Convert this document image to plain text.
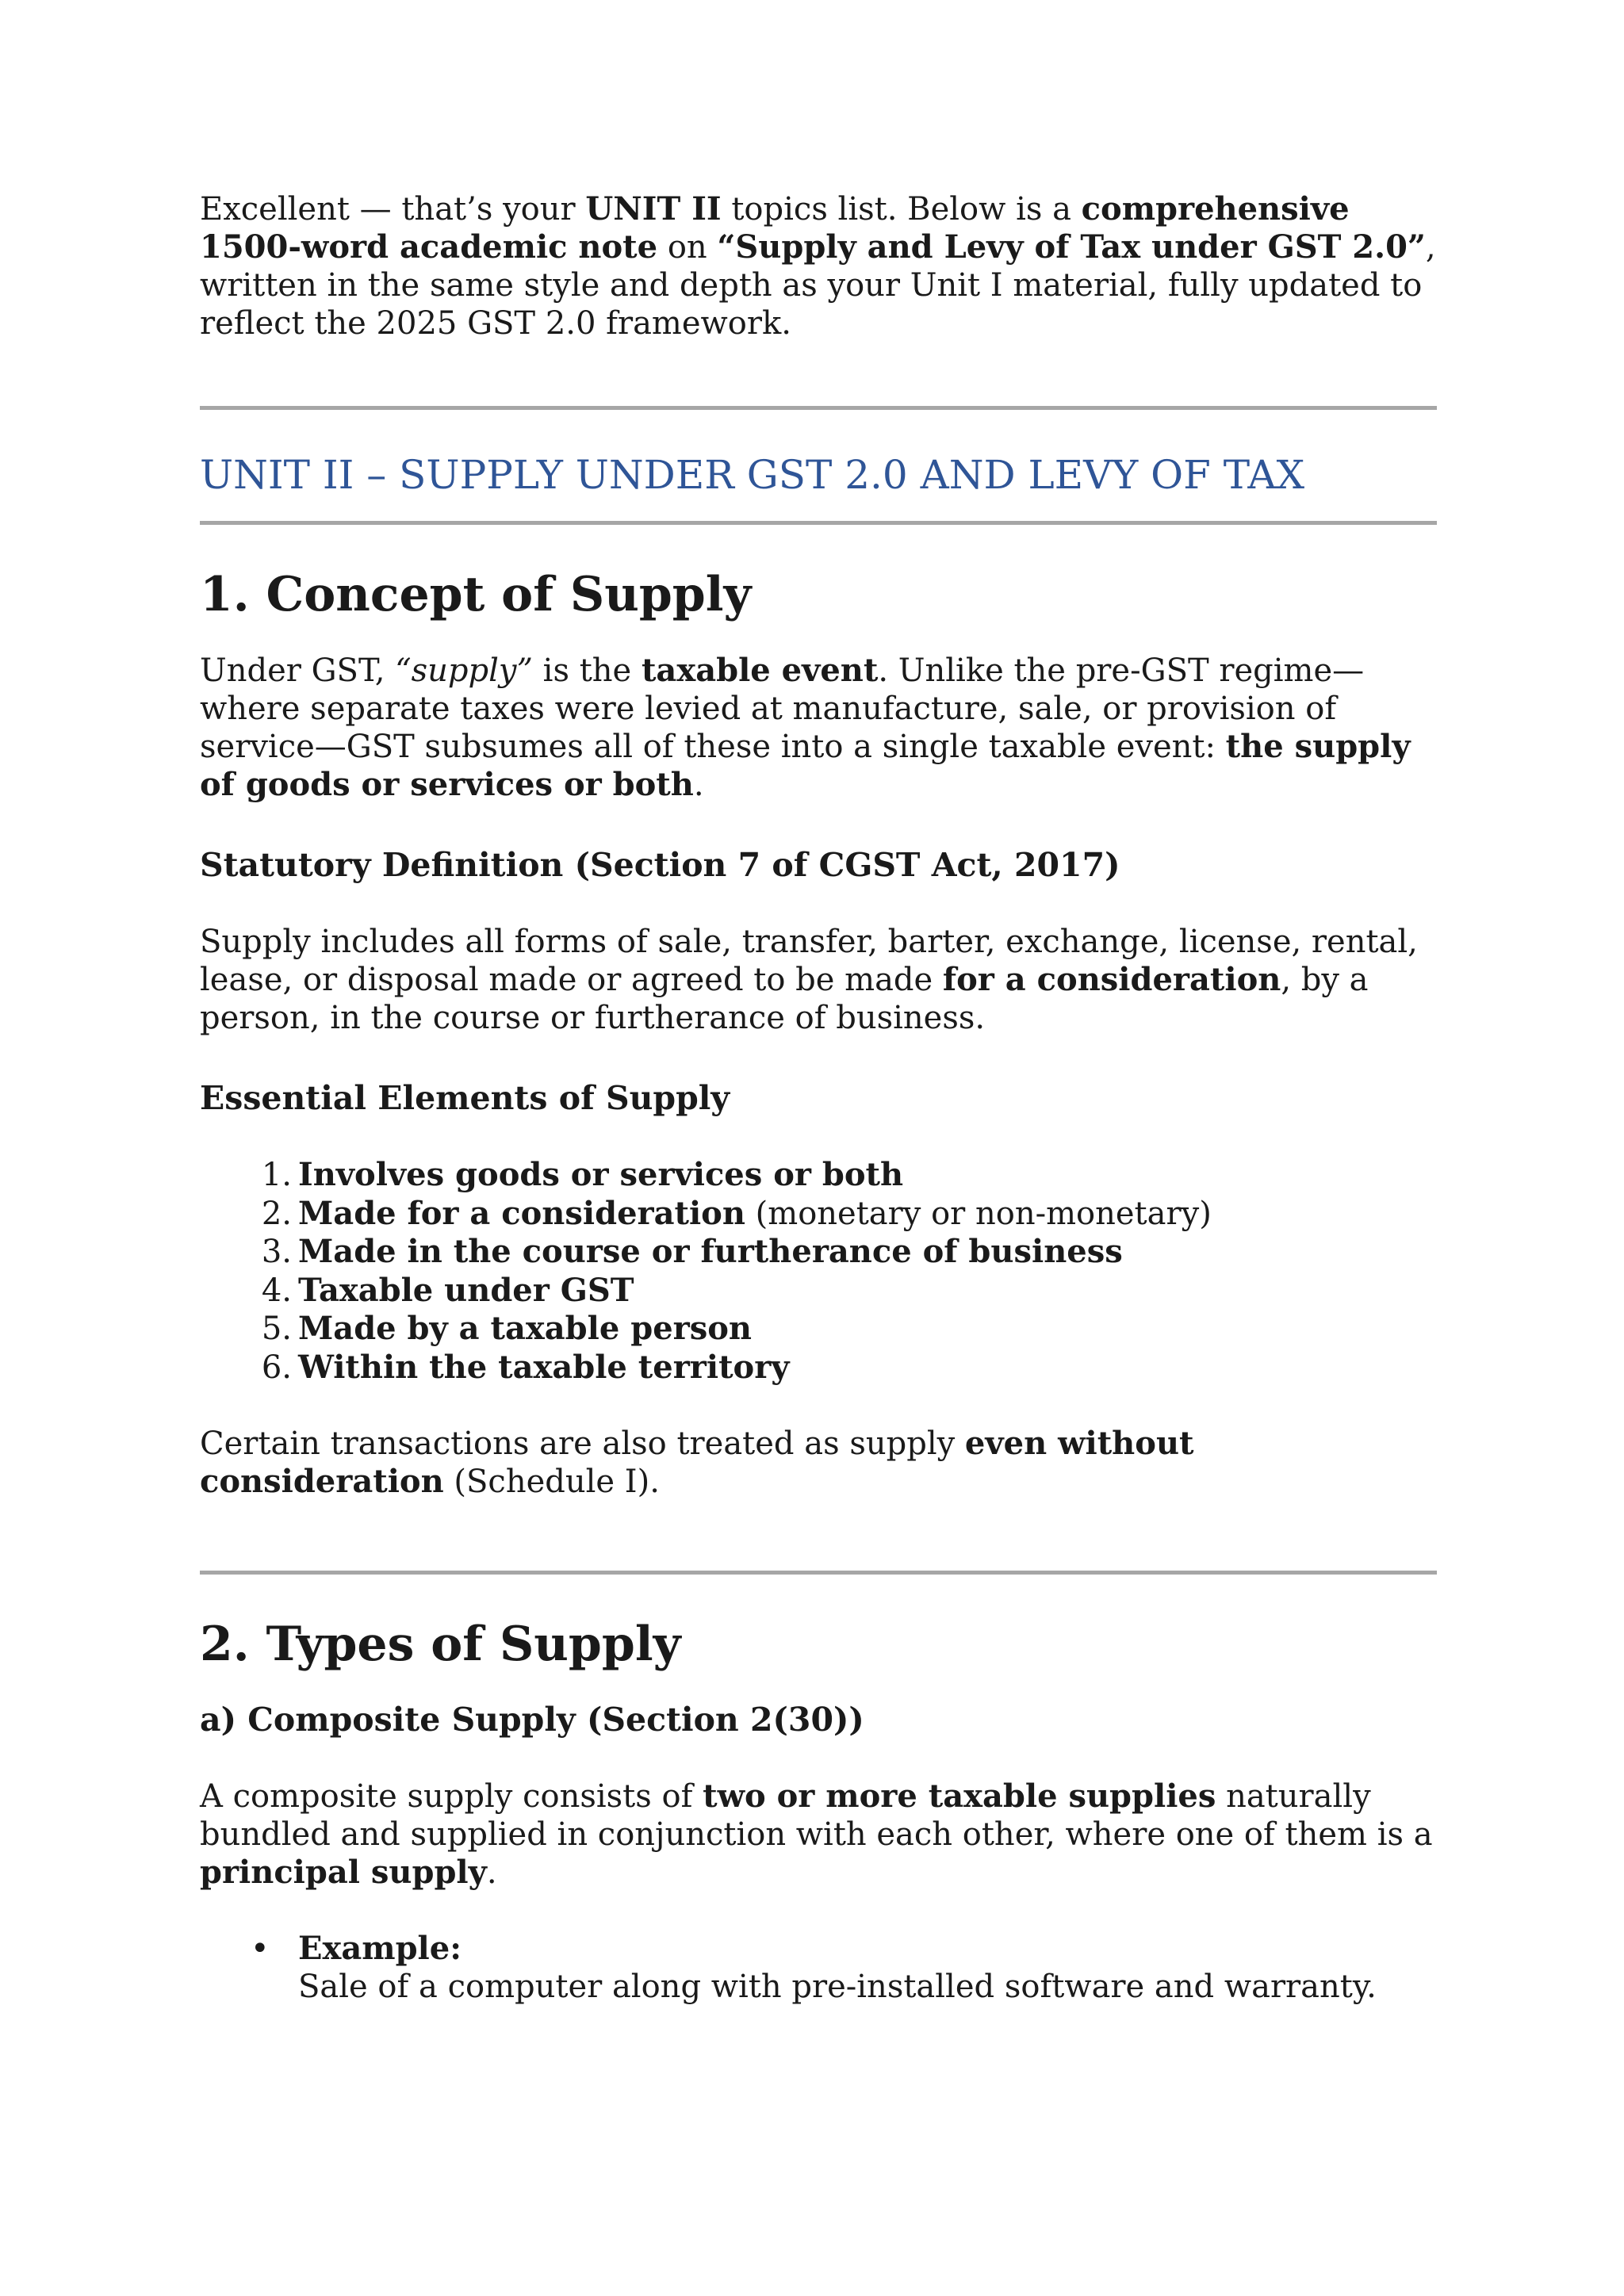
Excellent — that’s your UNIT II topics list. Below is a comprehensive 1500-word academic note on “Supply and Levy of Tax under GST 2.0”, written in the same style and depth as your Unit I material, fully updated to reflect the 2025 GST 2.0 framework.

UNIT II – SUPPLY UNDER GST 2.0 AND LEVY OF TAX
1. Concept of Supply

Under GST, “supply” is the taxable event. Unlike the pre-GST regime—where separate taxes were levied at manufacture, sale, or provision of service—GST subsumes all of these into a single taxable event: the supply of goods or services or both.

Statutory Definition (Section 7 of CGST Act, 2017)

Supply includes all forms of sale, transfer, barter, exchange, license, rental, lease, or disposal made or agreed to be made for a consideration, by a person, in the course or furtherance of business.

Essential Elements of Supply
1. Involves goods or services or both
2. Made for a consideration (monetary or non-monetary)
3. Made in the course or furtherance of business
4. Taxable under GST
5. Made by a taxable person
6. Within the taxable territory

Certain transactions are also treated as supply even without consideration (Schedule I).

2. Types of Supply
a) Composite Supply (Section 2(30))

A composite supply consists of two or more taxable supplies naturally bundled and supplied in conjunction with each other, where one of them is a principal supply.

• Example:
Sale of a computer along with pre-installed software and warranty.
